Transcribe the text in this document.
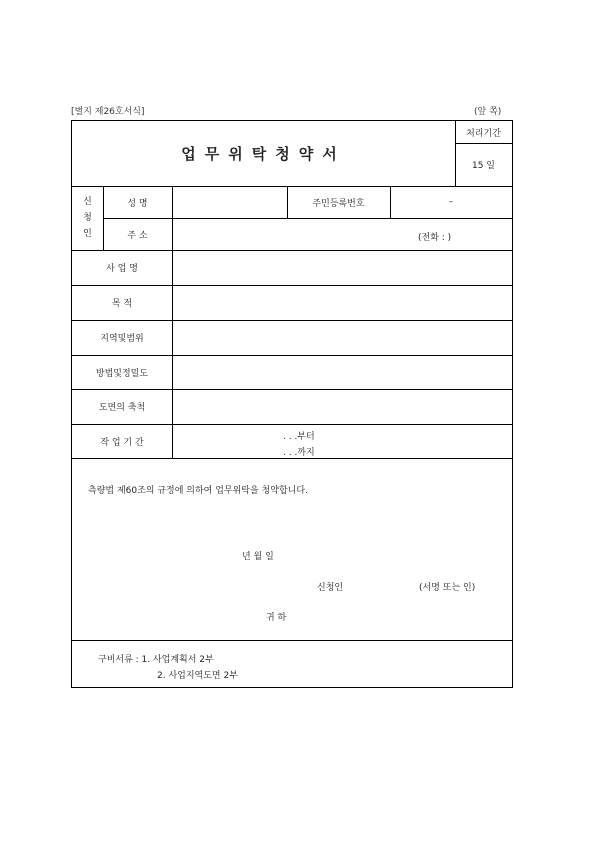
[별지 제26호서식]	(앞 쪽)
업무위탁청약서
처리기간
15 일
신
청
인
성 명	주민등록번호	–
주 소	(전화 : )
사 업 명
목 적
지역및범위
방법및정밀도
도면의 축척
작 업 기 간
. . .부터
. . .까지
측량법 제60조의 규정에 의하여 업무위탁을 청약합니다.
년 월 일
신청인	(서명 또는 인)
귀 하
구비서류 : 1. 사업계획서 2부
2. 사업지역도면 2부
